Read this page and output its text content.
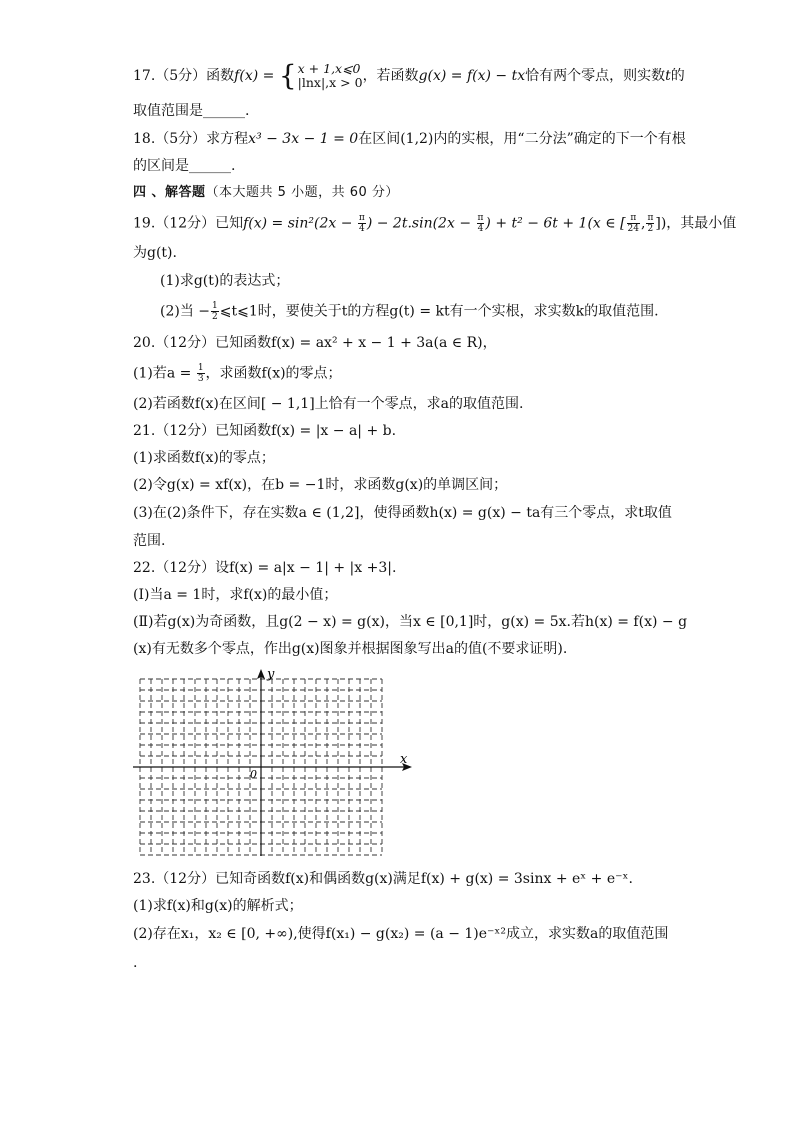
17.（5分）函数f(x) = { x + 1,x⩽0
|lnx|,x > 0 ，若函数g(x) = f(x) − tx恰有两个零点，则实数t的
取值范围是______.
18.（5分）求方程x³ − 3x − 1 = 0在区间(1,2)内的实根，用“二分法”确定的下一个有根
的区间是______.
四 、解答题（本大题共 5 小题，共 60 分）
19.（12分）已知$f(x) = \sin^2(2x - \frac{\pi}{4}$ ) − $2t.\sin(2x - \frac{\pi}{4}$ ) + t² − 6t + 1(x ∈ [ $\frac{\pi}{24}$ , $\frac{\pi}{2}$ ])，其最小值
为g(t).
(1)求g(t)的表达式；
(2)当 − $\frac{1}{2}$ ⩽t⩽1时，要使关于t的方程g(t) = kt有一个实根，求实数k的取值范围.
20.（12分）已知函数f(x) = ax² + x − 1 + 3a(a ∈ R)，
(1)若$a = \frac{1}{3}$ ，求函数f(x)的零点；
(2)若函数f(x)在区间[ − 1,1]上恰有一个零点，求a的取值范围.
21.（12分）已知函数f(x) = |x − a| + b.
(1)求函数f(x)的零点；
(2)令g(x) = xf(x)，在b = −1时，求函数g(x)的单调区间；
(3)在(2)条件下，存在实数a ∈ (1,2]，使得函数h(x) = g(x) − ta有三个零点，求t取值
范围.
22.（12分）设f(x) = a|x − 1| + |x +3|.
(Ⅰ)当a = 1时，求f(x)的最小值；
(Ⅱ)若g(x)为奇函数，且g(2 − x) = g(x)，当x ∈ [0,1]时，g(x) = 5x.若h(x) = f(x) − g
(x)有无数多个零点，作出g(x)图象并根据图象写出a的值(不要求证明).
x
y
0
23.（12分）已知奇函数f(x)和偶函数g(x)满足f(x) + g(x) = 3sinx + eˣ + e⁻ˣ.
(1)求f(x)和g(x)的解析式；
(2)存在x₁，x₂ ∈ [0, +∞),使得f(x₁) − g(x₂) = (a − 1)e⁻ˣ²成立，求实数a的取值范围
.
